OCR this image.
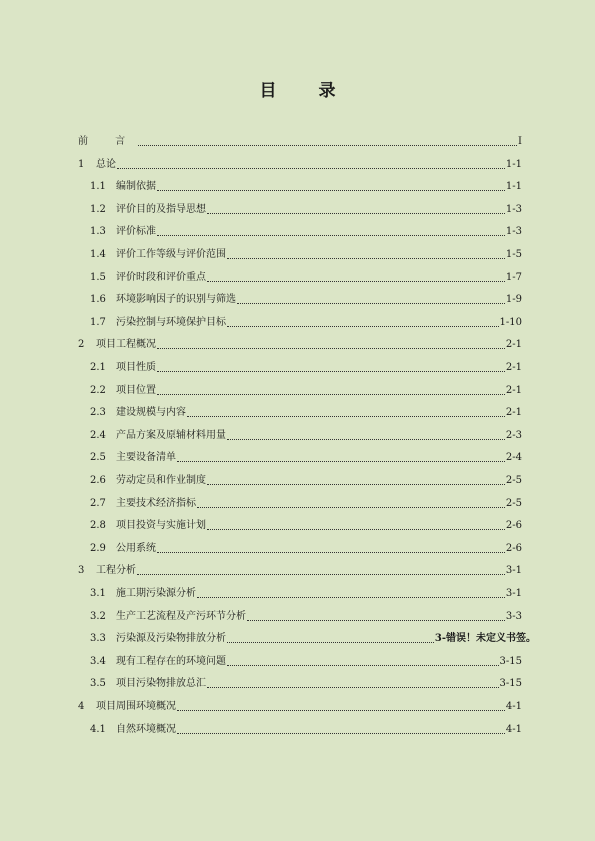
目 录
前 言	I
1	总论	1-1
1.1	编制依据	1-1
1.2	评价目的及指导思想	1-3
1.3	评价标准	1-3
1.4	评价工作等级与评价范围	1-5
1.5	评价时段和评价重点	1-7
1.6	环境影响因子的识别与筛选	1-9
1.7	污染控制与环境保护目标	1-10
2	项目工程概况	2-1
2.1	项目性质	2-1
2.2	项目位置	2-1
2.3	建设规模与内容	2-1
2.4	产品方案及原辅材料用量	2-3
2.5	主要设备清单	2-4
2.6	劳动定员和作业制度	2-5
2.7	主要技术经济指标	2-5
2.8	项目投资与实施计划	2-6
2.9	公用系统	2-6
3	工程分析	3-1
3.1	施工期污染源分析	3-1
3.2	生产工艺流程及产污环节分析	3-3
3.3	污染源及污染物排放分析	3-错误！未定义书签。
3.4	现有工程存在的环境问题	3-15
3.5	项目污染物排放总汇	3-15
4	项目周围环境概况	4-1
4.1	自然环境概况	4-1
